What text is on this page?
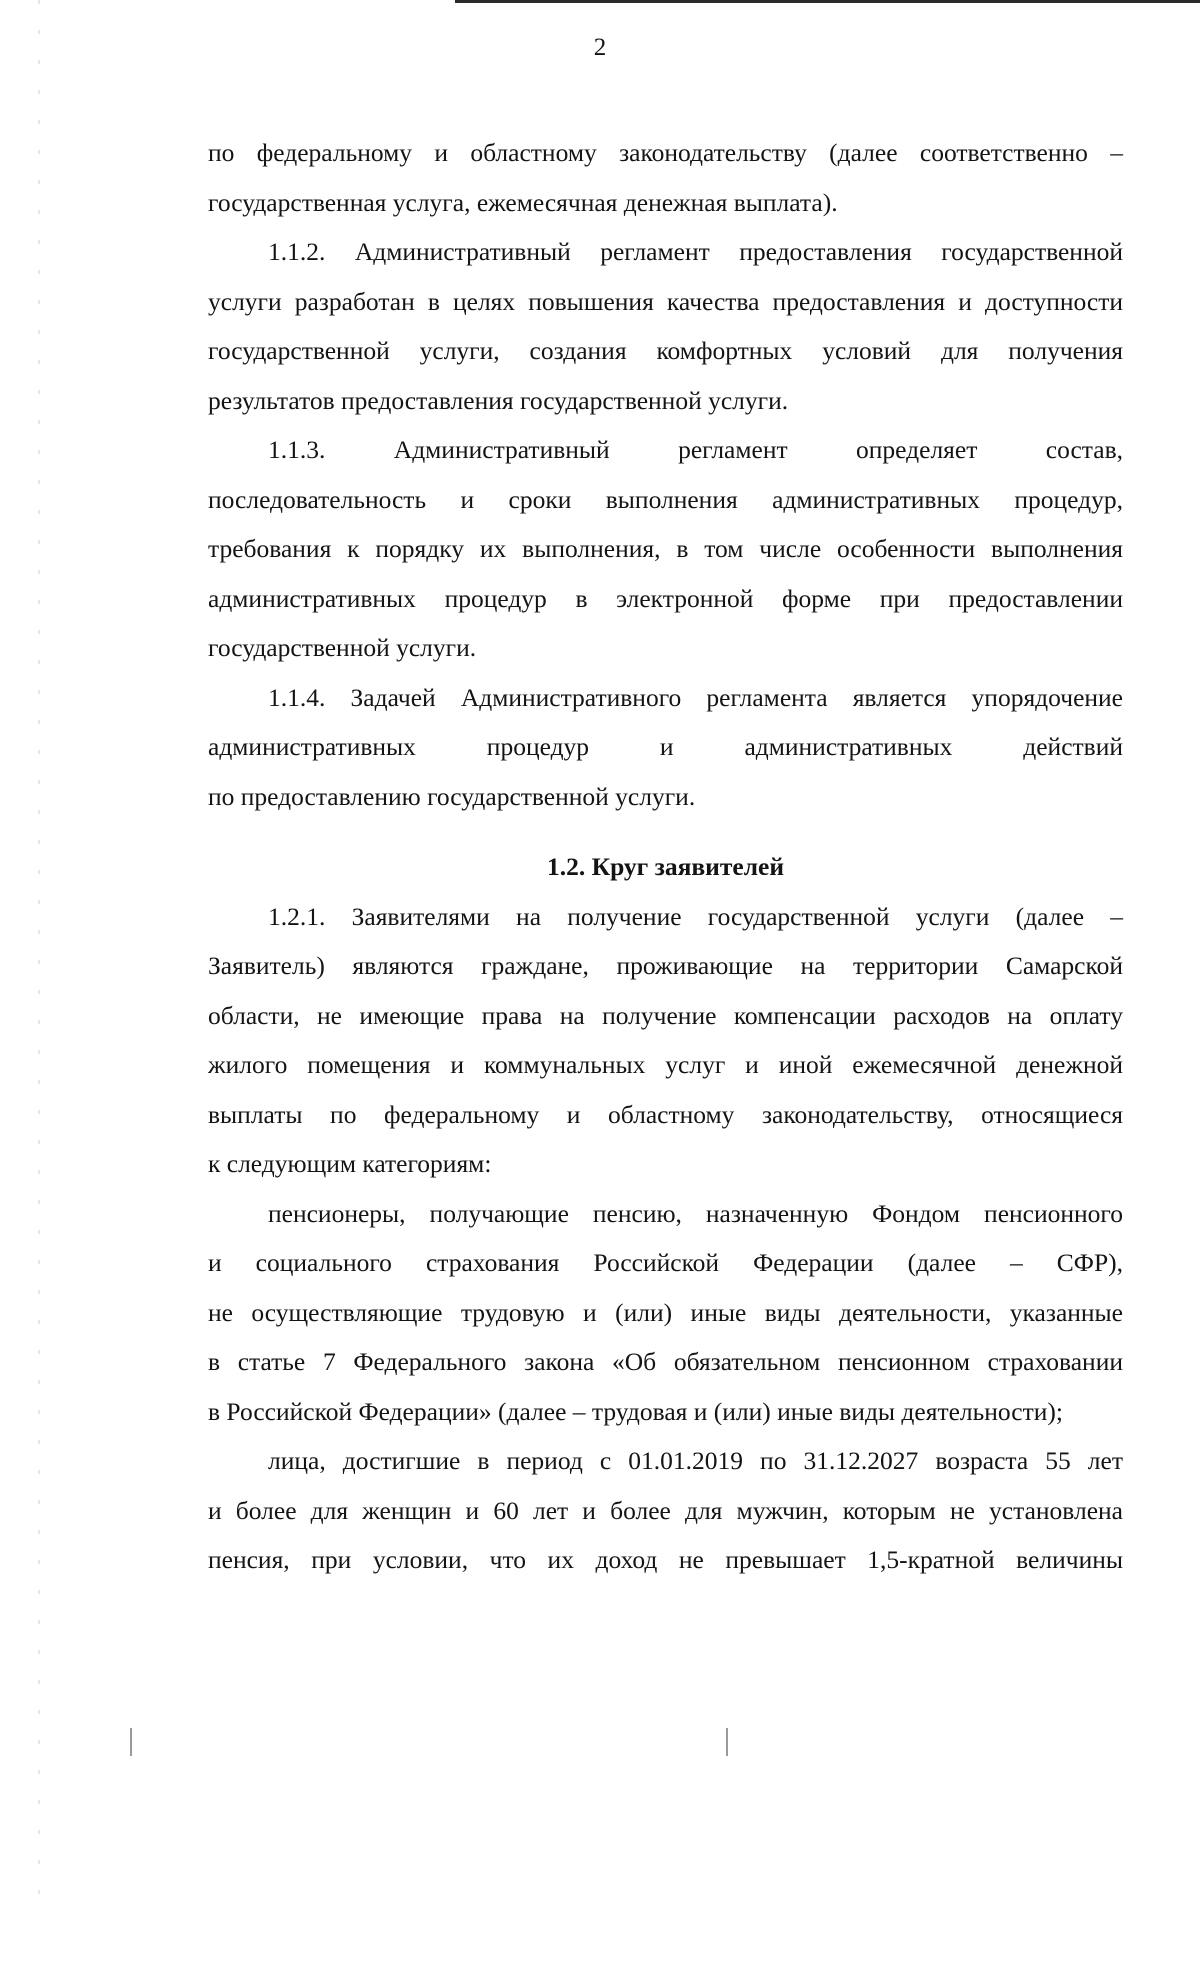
2
по федеральному и областному законодательству (далее соответственно –
государственная услуга, ежемесячная денежная выплата).
1.1.2. Административный регламент предоставления государственной
услуги разработан в целях повышения качества предоставления и доступности
государственной услуги, создания комфортных условий для получения
результатов предоставления государственной услуги.
1.1.3. Административный регламент определяет состав,
последовательность и сроки выполнения административных процедур,
требования к порядку их выполнения, в том числе особенности выполнения
административных процедур в электронной форме при предоставлении
государственной услуги.
1.1.4. Задачей Административного регламента является упорядочение
административных процедур и административных действий
по предоставлению государственной услуги.
1.2. Круг заявителей
1.2.1. Заявителями на получение государственной услуги (далее –
Заявитель) являются граждане, проживающие на территории Самарской
области, не имеющие права на получение компенсации расходов на оплату
жилого помещения и коммунальных услуг и иной ежемесячной денежной
выплаты по федеральному и областному законодательству, относящиеся
к следующим категориям:
пенсионеры, получающие пенсию, назначенную Фондом пенсионного
и социального страхования Российской Федерации (далее – СФР),
не осуществляющие трудовую и (или) иные виды деятельности, указанные
в статье 7 Федерального закона «Об обязательном пенсионном страховании
в Российской Федерации» (далее – трудовая и (или) иные виды деятельности);
лица, достигшие в период с 01.01.2019 по 31.12.2027 возраста 55 лет
и более для женщин и 60 лет и более для мужчин, которым не установлена
пенсия, при условии, что их доход не превышает 1,5-кратной величины
